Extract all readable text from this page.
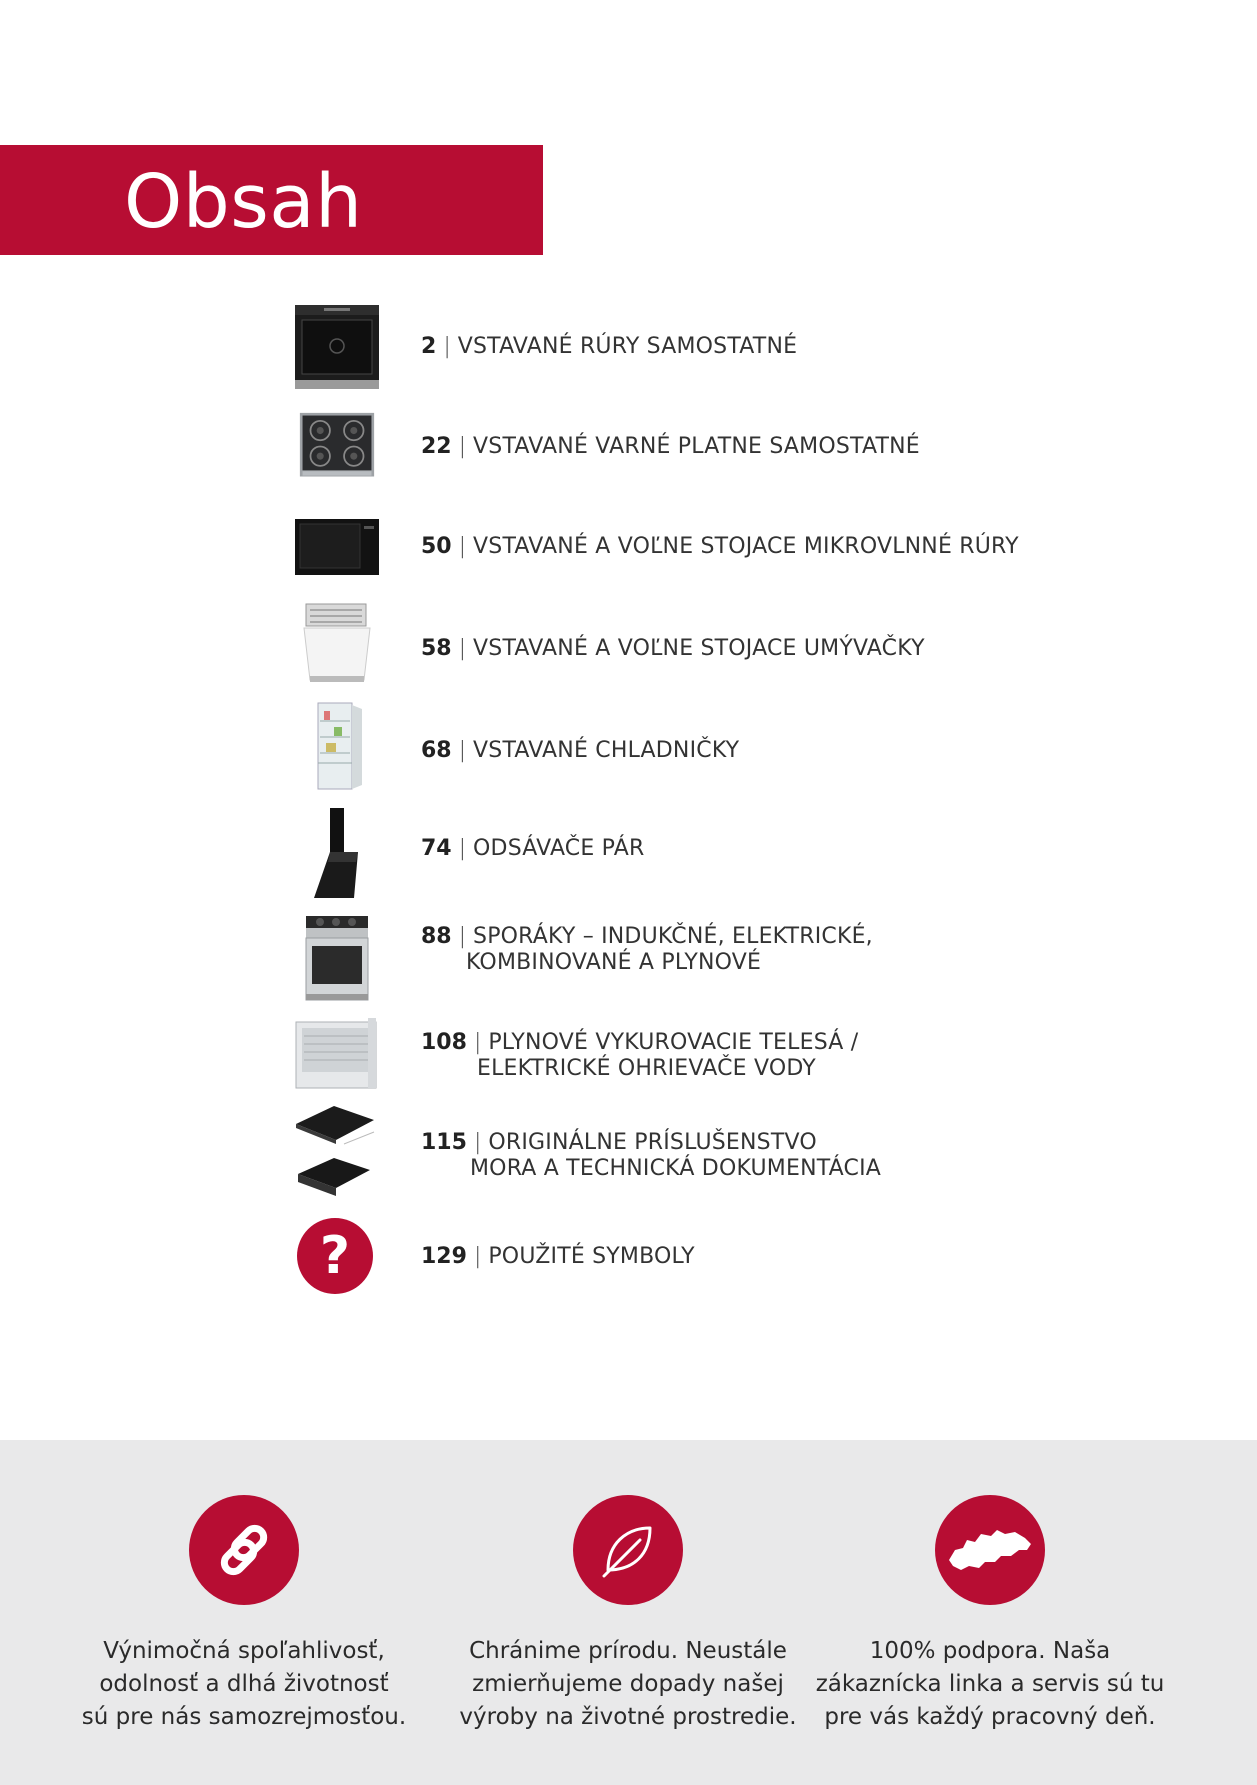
Obsah
2 | VSTAVANÉ RÚRY SAMOSTATNÉ
22 | VSTAVANÉ VARNÉ PLATNE SAMOSTATNÉ
50 | VSTAVANÉ A VOĽNE STOJACE MIKROVLNNÉ RÚRY
58 | VSTAVANÉ A VOĽNE STOJACE UMÝVAČKY
68 | VSTAVANÉ CHLADNIČKY
74 | ODSÁVAČE PÁR
88 | SPORÁKY – INDUKČNÉ, ELEKTRICKÉ,
KOMBINOVANÉ A PLYNOVÉ
108 | PLYNOVÉ VYKUROVACIE TELESÁ /
ELEKTRICKÉ OHRIEVAČE VODY
115 | ORIGINÁLNE PRÍSLUŠENSTVO
MORA A TECHNICKÁ DOKUMENTÁCIA
?	129 | POUŽITÉ SYMBOLY
Výnimočná spoľahlivosť,
odolnosť a dlhá životnosť
sú pre nás samozrejmosťou.
Chránime prírodu. Neustále
zmierňujeme dopady našej
výroby na životné prostredie.
100% podpora. Naša
zákaznícka linka a servis sú tu
pre vás každý pracovný deň.
